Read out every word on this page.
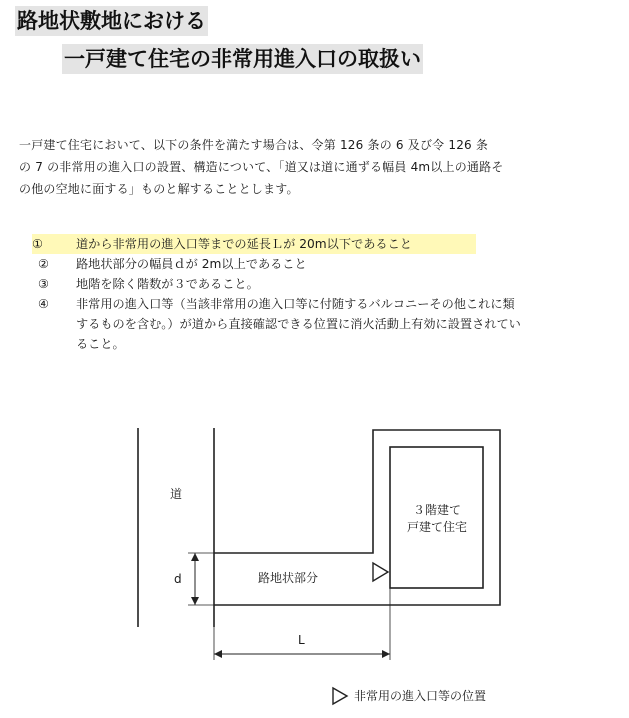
路地状敷地における
一戸建て住宅の非常用進入口の取扱い
一戸建て住宅において、以下の条件を満たす場合は、令第 126 条の 6 及び令 126 条
の 7 の非常用の進入口の設置、構造について、「道又は道に通ずる幅員 4m以上の通路そ
の他の空地に面する」ものと解することとします。
①	道から非常用の進入口等までの延長Ｌが 20m以下であること
②	路地状部分の幅員ｄが 2m以上であること
③	地階を除く階数が３であること。
④	非常用の進入口等（当該非常用の進入口等に付随するバルコニーその他これに類
するものを含む。）が道から直接確認できる位置に消火活動上有効に設置されてい
ること。
道
３階建て
戸建て住宅
路地状部分
d
L
非常用の進入口等の位置
